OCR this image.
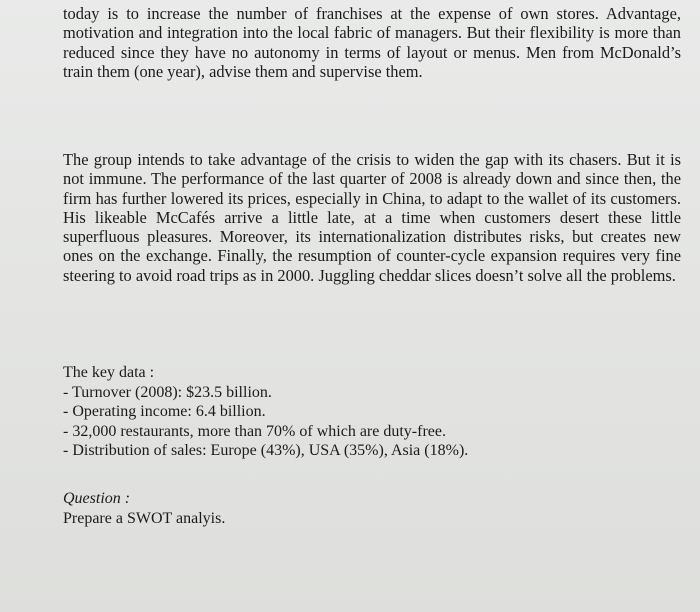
today is to increase the number of franchises at the expense of own stores. Advantage, motivation and integration into the local fabric of managers. But their flexibility is more than reduced since they have no autonomy in terms of layout or menus. Men from McDonald’s train them (one year), advise them and supervise them.

The group intends to take advantage of the crisis to widen the gap with its chasers. But it is not immune. The performance of the last quarter of 2008 is already down and since then, the firm has further lowered its prices, especially in China, to adapt to the wallet of its customers. His likeable McCafés arrive a little late, at a time when customers desert these little superfluous pleasures. Moreover, its internationalization distributes risks, but creates new ones on the exchange. Finally, the resumption of counter-cycle expansion requires very fine steering to avoid road trips as in 2000. Juggling cheddar slices doesn’t solve all the problems.

The key data :
- Turnover (2008): $23.5 billion.
- Operating income: 6.4 billion.
- 32,000 restaurants, more than 70% of which are duty-free.
- Distribution of sales: Europe (43%), USA (35%), Asia (18%).
Question :
Prepare a SWOT analyis.
